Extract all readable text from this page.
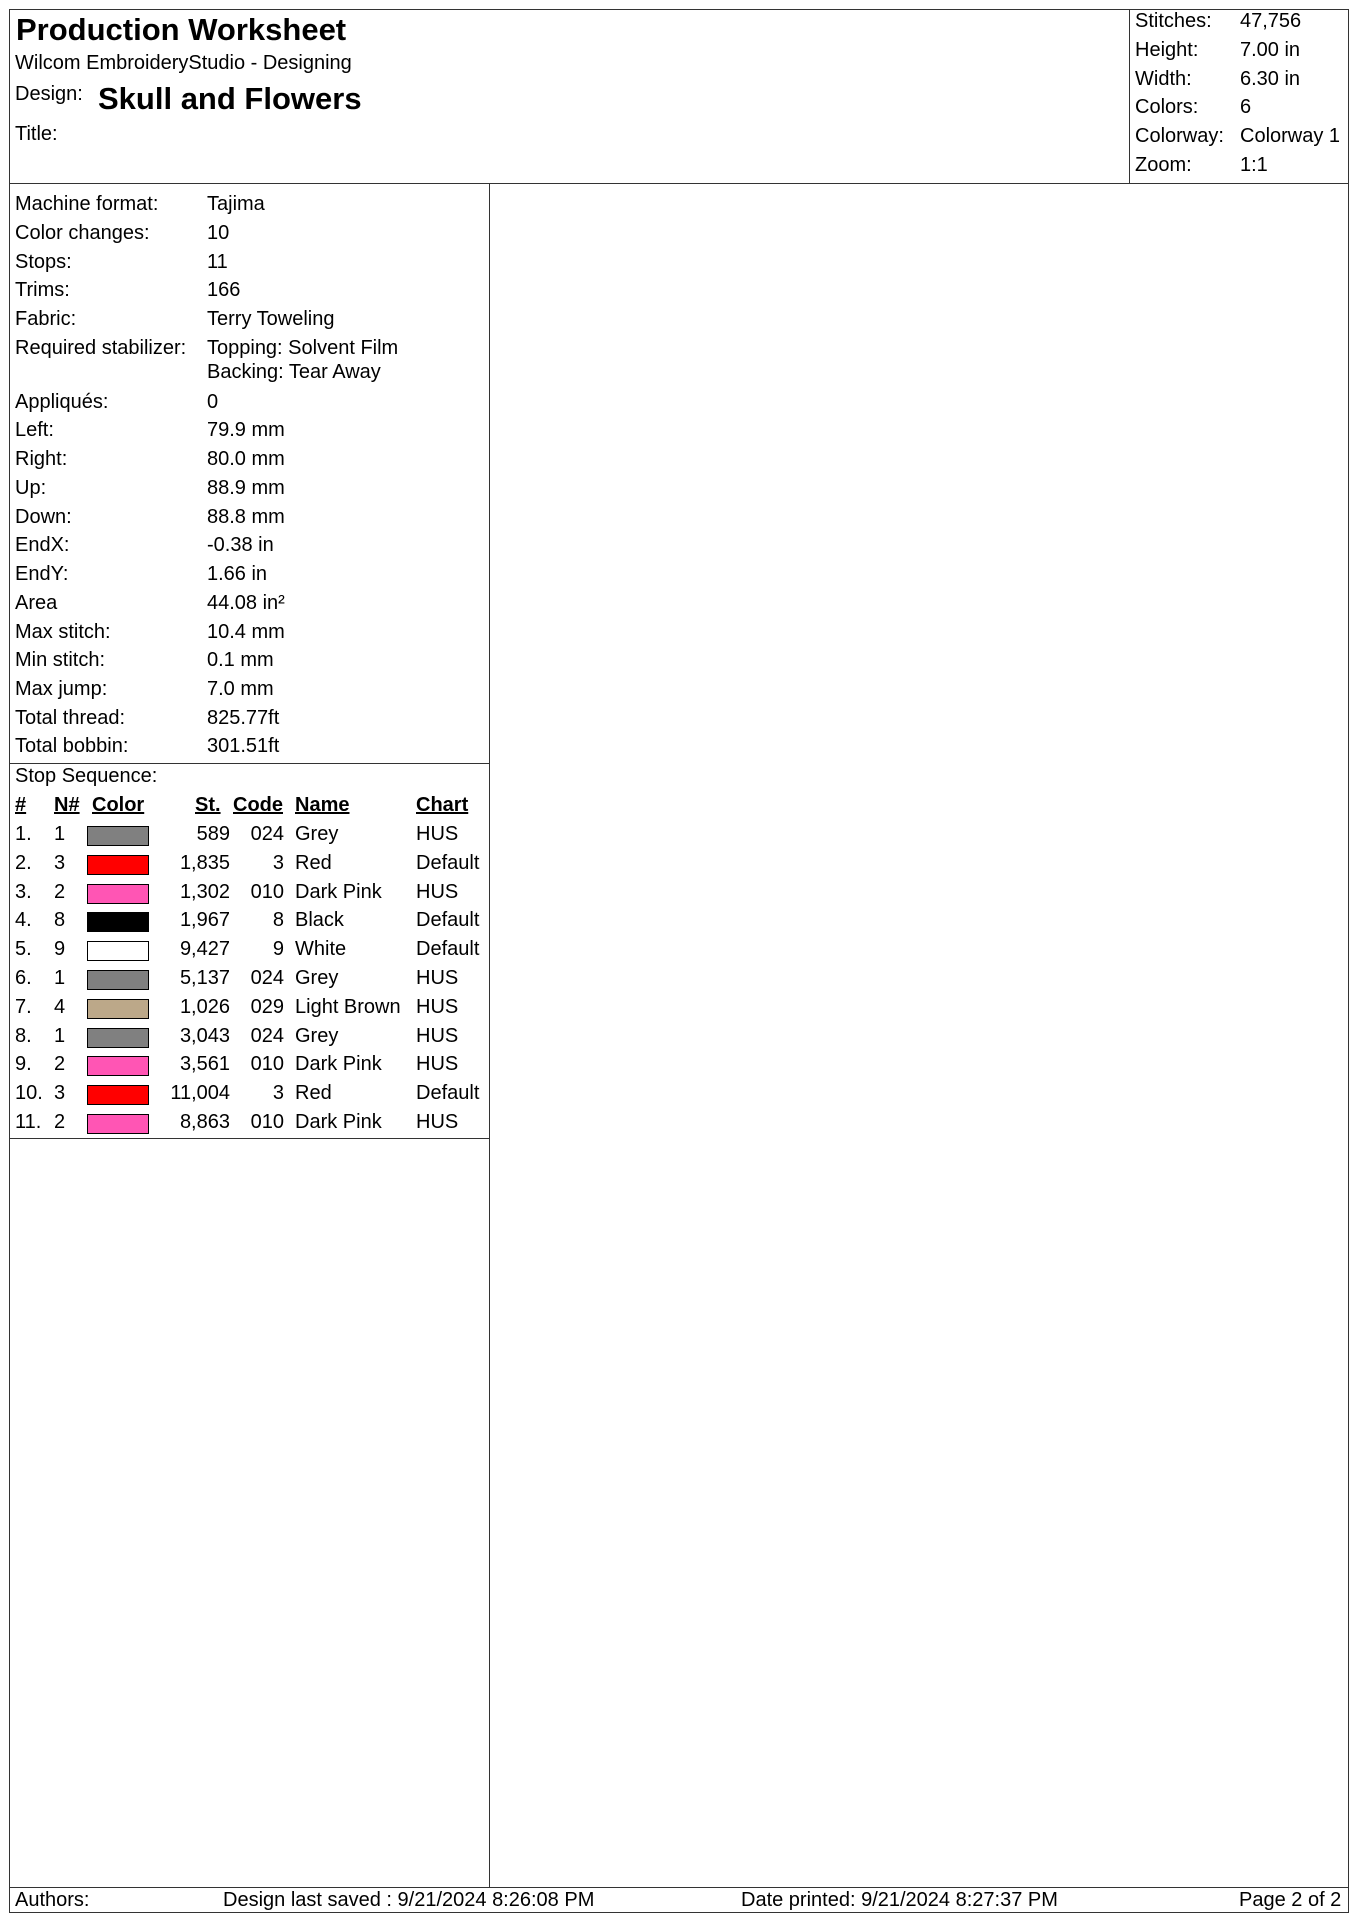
Production Worksheet
Wilcom EmbroideryStudio - Designing
Design: Skull and Flowers
Title:
Stitches: 47,756
Height: 7.00 in
Width: 6.30 in
Colors: 6
Colorway: Colorway 1
Zoom: 1:1
Machine format: Tajima
Color changes:	10
Stops:	11
Trims:	166
Fabric:	Terry Toweling
Required stabilizer: Topping: Solvent Film
Backing: Tear Away
Appliqués:	0
Left:	79.9 mm
Right:	80.0 mm
Up:	88.9 mm
Down:	88.8 mm
EndX:	-0.38 in
EndY:	1.66 in
Area	44.08 in²
Max stitch:	10.4 mm
Min stitch:	0.1 mm
Max jump:	7.0 mm
Total thread:	825.77ft
Total bobbin:	301.51ft
Stop Sequence:
# N# Color	St. Code Name	Chart
1. 1	589 024 Grey	HUS
2. 3	1,835 3 Red	Default
3. 2	1,302 010 Dark Pink HUS
4. 8	1,967 8 Black	Default
5. 9	9,427 9 White	Default
6. 1	5,137 024 Grey	HUS
7. 4	1,026 029 Light Brown HUS
8. 1	3,043 024 Grey	HUS
9. 2	3,561 010 Dark Pink HUS
10. 3	11,004 3 Red	Default
11. 2	8,863 010 Dark Pink HUS
Authors:	Design last saved : 9/21/2024 8:26:08 PM	Date printed: 9/21/2024 8:27:37 PM	Page 2 of 2
